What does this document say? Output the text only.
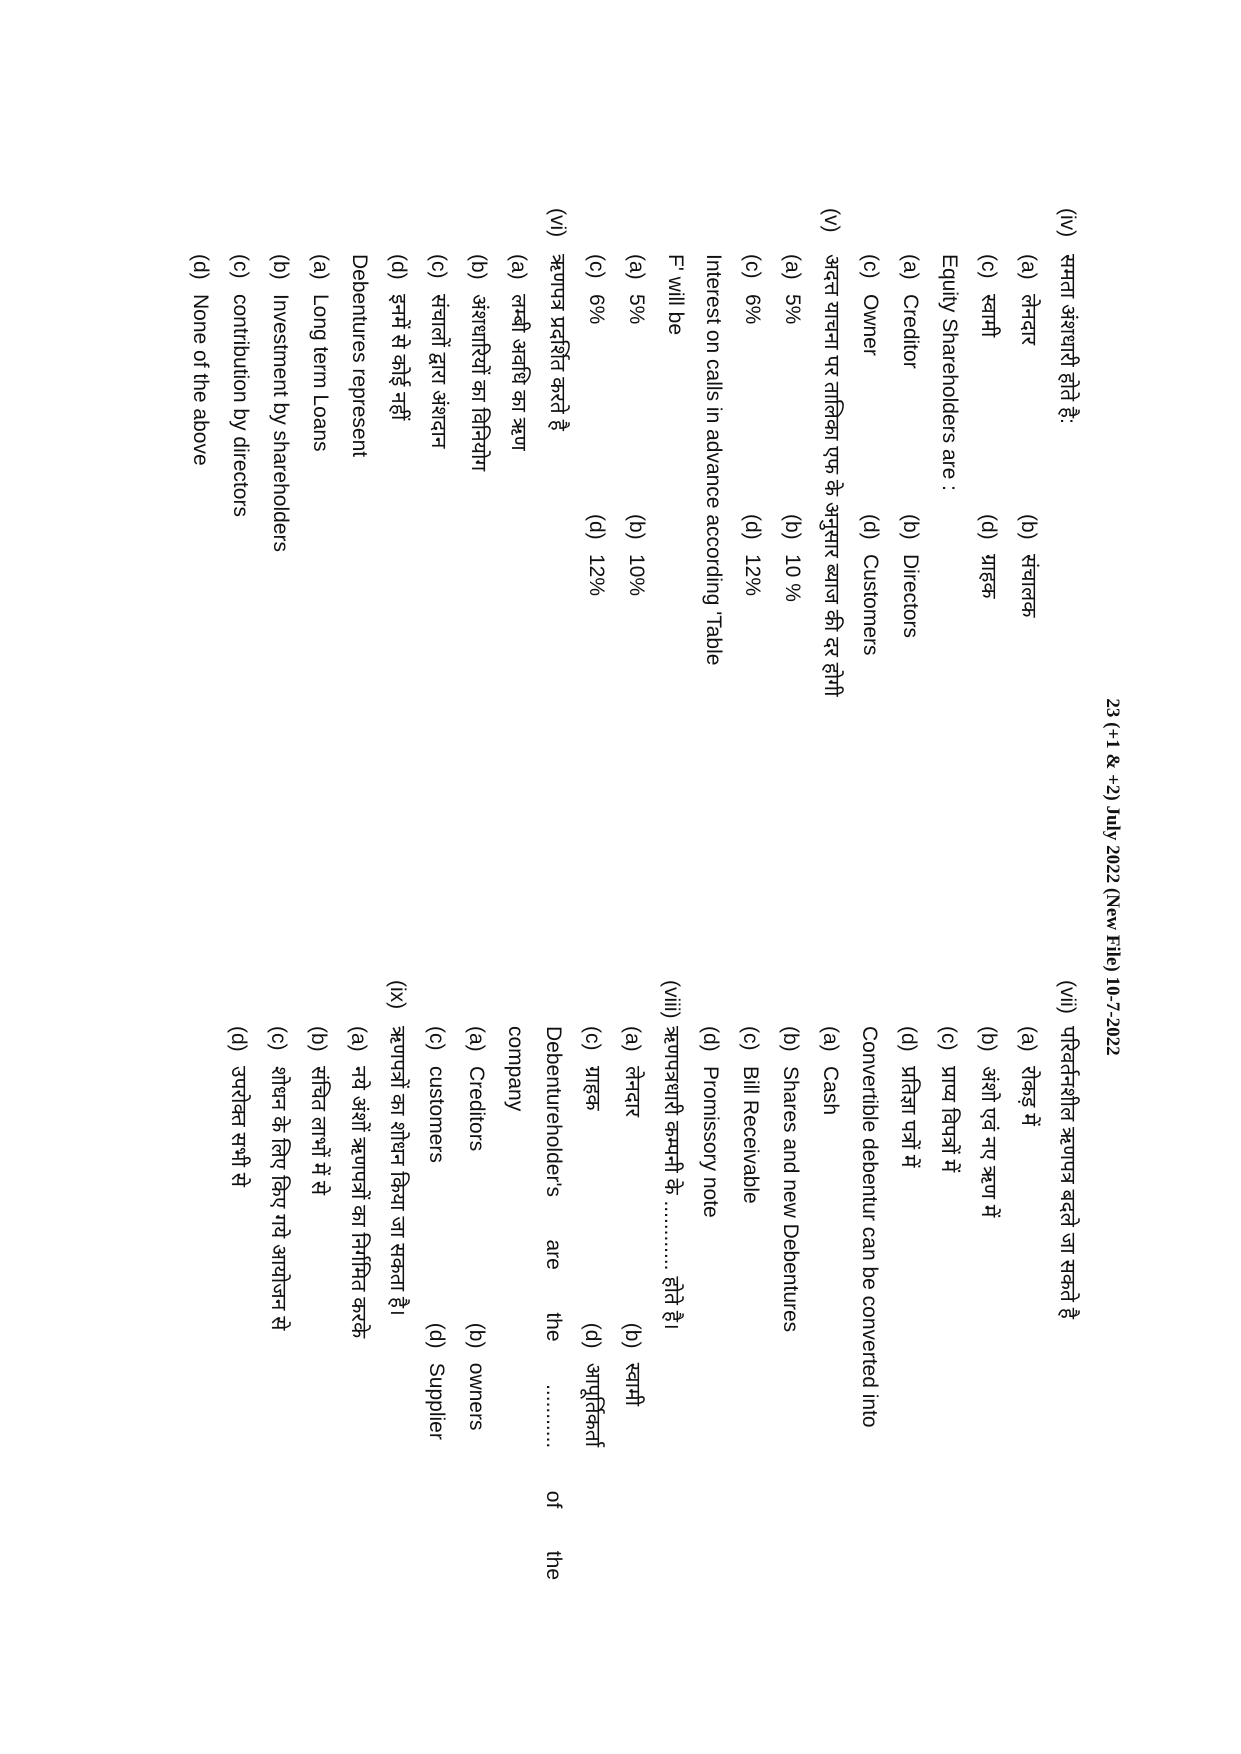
23 (+1 & +2) July 2022 (New File) 10-7-2022
(iv)
समता अंशधारी होते है:
(a)
लेनदार
(b)
संचालक
(c)
स्वामी
(d)
ग्राहक
Equity Shareholders are :
(a)
Creditor
(b)
Directors
(c)
Owner
(d)
Customers
(v)
अदत्त याचना पर तालिका एफ के अनुसार ब्याज की दर होगी
(a)
5%
(b)
10 %
(c)
6%
(d)
12%
Interest on calls in advance according 'Table
F' will be
(a)
5%
(b)
10%
(c)
6%
(d)
12%
(vi)
ऋणपत्र प्रदर्शित करते है
(a)
लम्बी अवधि का ऋण
(b)
अंशधारियों का विनियोग
(c)
संचालों द्वारा अंशदान
(d)
इनमें से कोई नहीं
Debentures represent
(a)
Long term Loans
(b)
Investment by shareholders
(c)
contribution by directors
(d)
None of the above
(vii)
परिवर्तनशील ऋणपत्र बदले जा सकते है
(a)
रोकड़ में
(b)
अंशो एवं नए ऋण में
(c)
प्राप्य विपत्रों में
(d)
प्रतिज्ञा पत्रों में
Convertible debentur can be converted into
(a)
Cash
(b)
Shares and new Debentures
(c)
Bill Receivable
(d)
Promissory note
(viii)
ऋणपत्रधारी कम्पनी के ............ होते है।
(a)
लेनदार
(b)
स्वामी
(c)
ग्राहक
(d)
आपूर्तिकर्ता
Debentureholder's are the ........... of the
company
(a)
Creditors
(b)
owners
(c)
customers
(d)
Supplier
(ix)
ऋणपत्रों का शोधन किया जा सकता है।
(a)
नये अंशों ऋणपत्रों का निर्गमित करके
(b)
संचित लाभों में से
(c)
शोधन के लिए किए गये आयोजन से
(d)
उपरोक्त सभी से
